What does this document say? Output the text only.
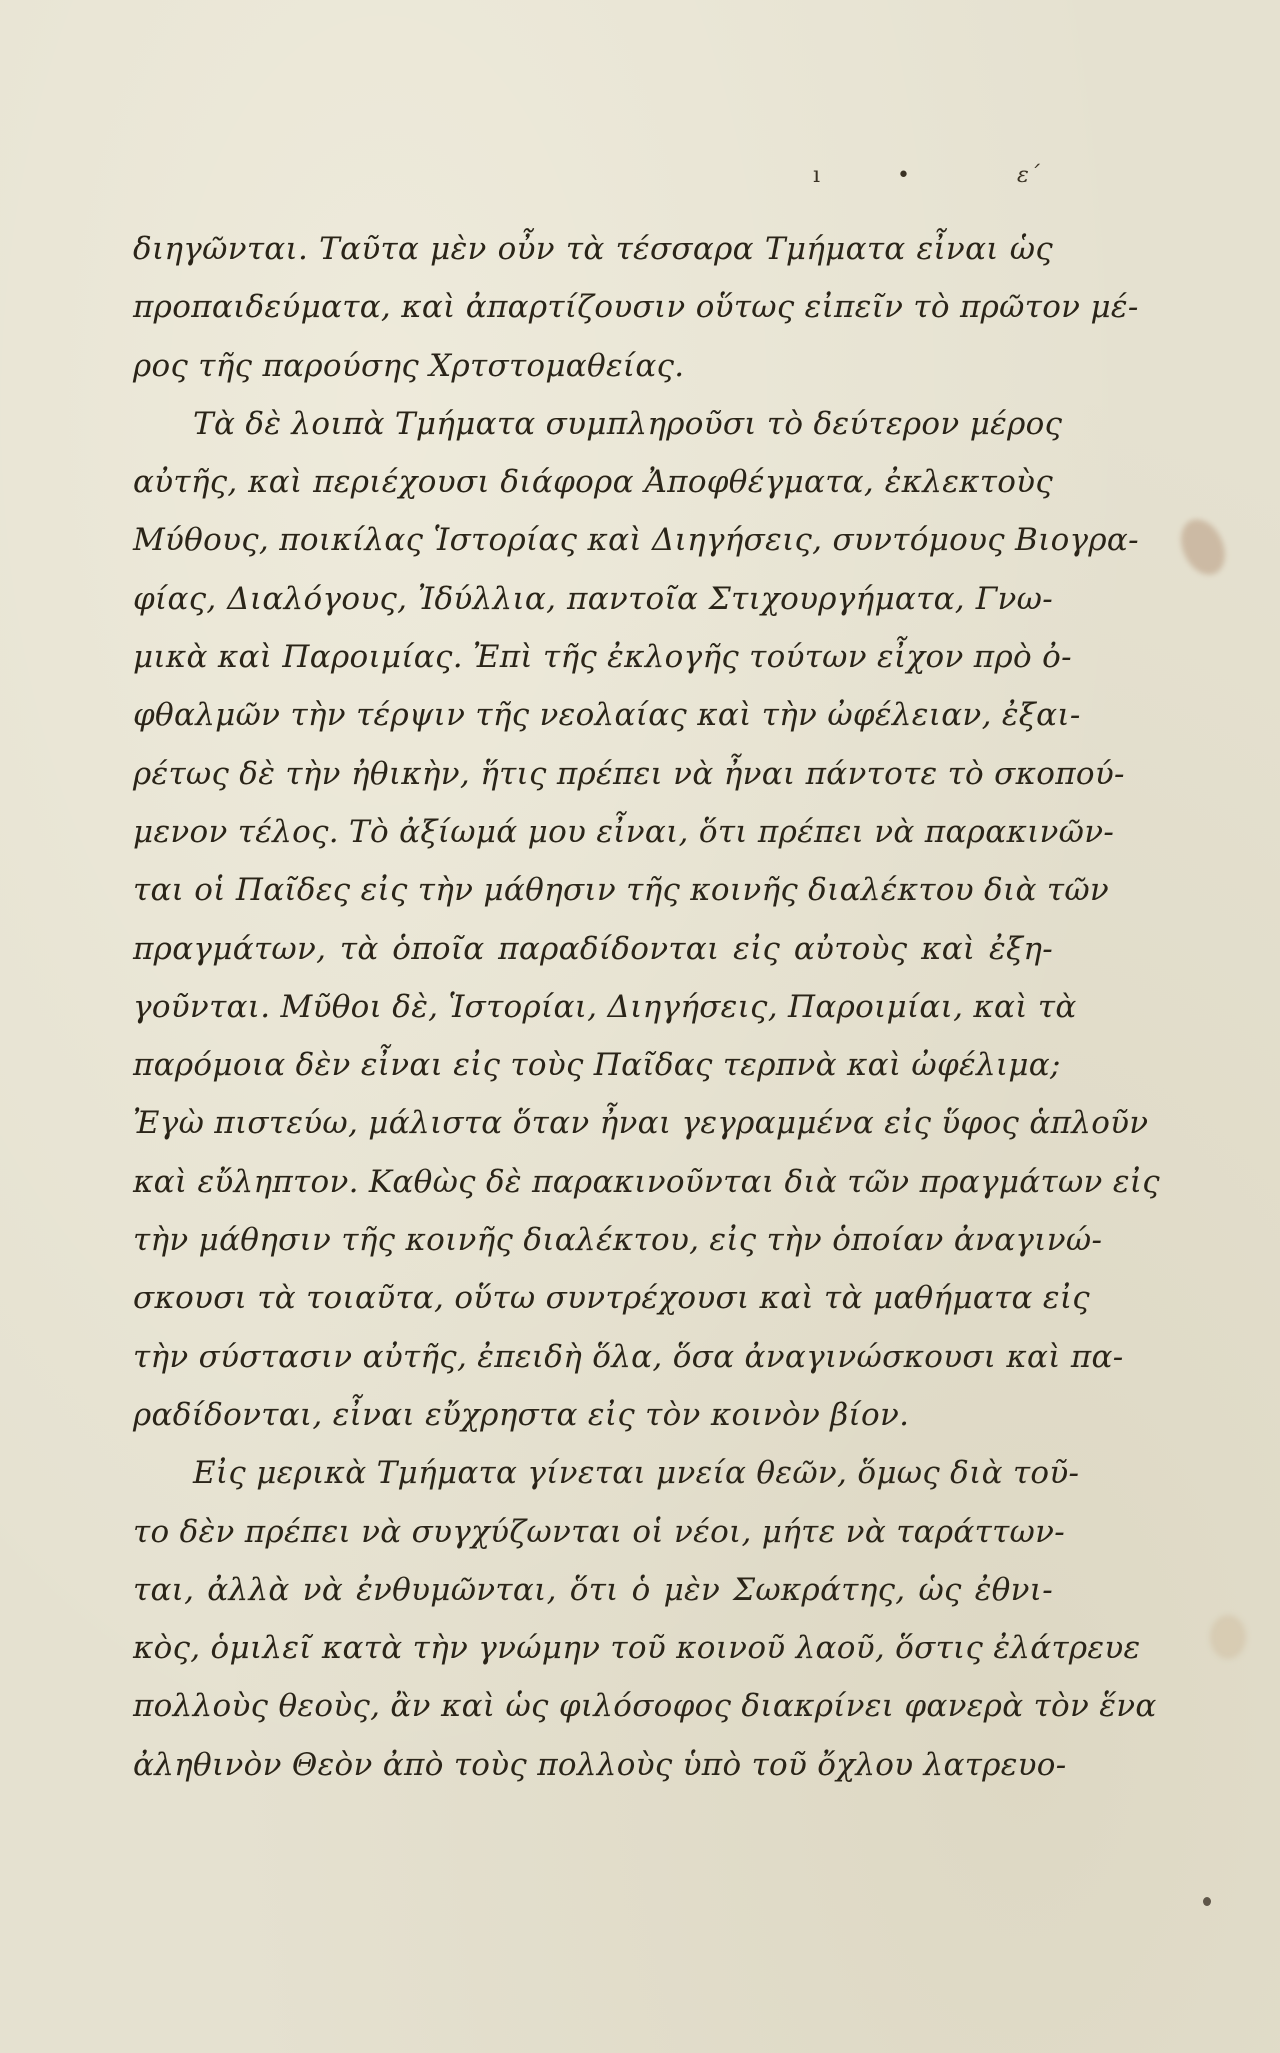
ı	•	ε΄
διηγῶνται. Ταῦτα μὲν οὖν τὰ τέσσαρα Τμήματα εἶναι ὡς
προπαιδεύματα, καὶ ἀπαρτίζουσιν οὕτως εἰπεῖν τὸ πρῶτον μέ-
ρος τῆς παρούσης Χρτστομαθείας.
Τὰ δὲ λοιπὰ Τμήματα συμπληροῦσι τὸ δεύτερον μέρος
αὐτῆς, καὶ περιέχουσι διάφορα Ἀποφθέγματα, ἐκλεκτοὺς
Μύθους, ποικίλας Ἱστορίας καὶ Διηγήσεις, συντόμους Βιογρα-
φίας, Διαλόγους, Ἰδύλλια, παντοῖα Στιχουργήματα, Γνω-
μικὰ καὶ Παροιμίας. Ἐπὶ τῆς ἐκλογῆς τούτων εἶχον πρὸ ὀ-
φθαλμῶν τὴν τέρψιν τῆς νεολαίας καὶ τὴν ὠφέλειαν, ἐξαι-
ρέτως δὲ τὴν ἠθικὴν, ἥτις πρέπει νὰ ἦναι πάντοτε τὸ σκοπού-
μενον τέλος. Τὸ ἀξίωμά μου εἶναι, ὅτι πρέπει νὰ παρακινῶν-
ται οἱ Παῖδες εἰς τὴν μάθησιν τῆς κοινῆς διαλέκτου διὰ τῶν
πραγμάτων, τὰ ὁποῖα παραδίδονται εἰς αὐτοὺς καὶ ἐξη-
γοῦνται. Μῦθοι δὲ, Ἱστορίαι, Διηγήσεις, Παροιμίαι, καὶ τὰ
παρόμοια δὲν εἶναι εἰς τοὺς Παῖδας τερπνὰ καὶ ὠφέλιμα;
Ἐγὼ πιστεύω, μάλιστα ὅταν ἦναι γεγραμμένα εἰς ὕφος ἁπλοῦν
καὶ εὔληπτον. Καθὼς δὲ παρακινοῦνται διὰ τῶν πραγμάτων εἰς
τὴν μάθησιν τῆς κοινῆς διαλέκτου, εἰς τὴν ὁποίαν ἀναγινώ-
σκουσι τὰ τοιαῦτα, οὕτω συντρέχουσι καὶ τὰ μαθήματα εἰς
τὴν σύστασιν αὐτῆς, ἐπειδὴ ὅλα, ὅσα ἀναγινώσκουσι καὶ πα-
ραδίδονται, εἶναι εὔχρηστα εἰς τὸν κοινὸν βίον.
Εἰς μερικὰ Τμήματα γίνεται μνεία θεῶν, ὅμως διὰ τοῦ-
το δὲν πρέπει νὰ συγχύζωνται οἱ νέοι, μήτε νὰ ταράττων-
ται, ἀλλὰ νὰ ἐνθυμῶνται, ὅτι ὁ μὲν Σωκράτης, ὡς ἐθνι-
κὸς, ὁμιλεῖ κατὰ τὴν γνώμην τοῦ κοινοῦ λαοῦ, ὅστις ἐλάτρευε
πολλοὺς θεοὺς, ἂν καὶ ὡς φιλόσοφος διακρίνει φανερὰ τὸν ἕνα
ἀληθινὸν Θεὸν ἀπὸ τοὺς πολλοὺς ὑπὸ τοῦ ὄχλου λατρευο-
